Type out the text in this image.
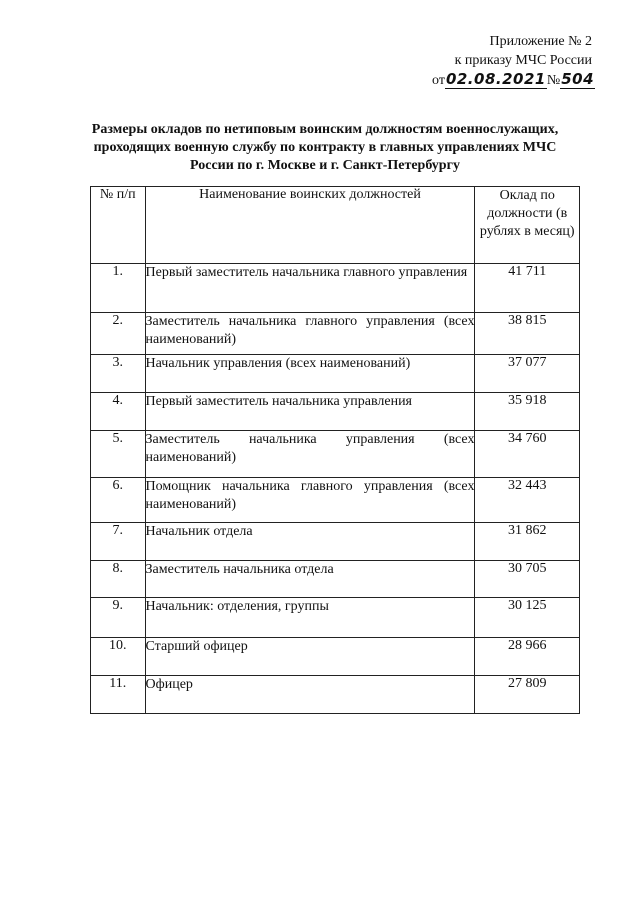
Приложение № 2
к приказу МЧС России
от02.08.2021№504
Размеры окладов по нетиповым воинским должностям военнослужащих, проходящих военную службу по контракту в главных управлениях МЧС России по г. Москве и г. Санкт-Петербургу
№ п/п	Наименование воинских должностей	Оклад по должности (в рублях в месяц)
1.	Первый заместитель начальника главного управления	41 711
2.	Заместитель начальника главного управления (всех наименований)	38 815
3.	Начальник управления (всех наименований)	37 077
4.	Первый заместитель начальника управления	35 918
5.	Заместитель начальника управления (всех наименований)	34 760
6.	Помощник начальника главного управления (всех наименований)	32 443
7.	Начальник отдела	31 862
8.	Заместитель начальника отдела	30 705
9.	Начальник: отделения, группы	30 125
10.	Старший офицер	28 966
11.	Офицер	27 809
